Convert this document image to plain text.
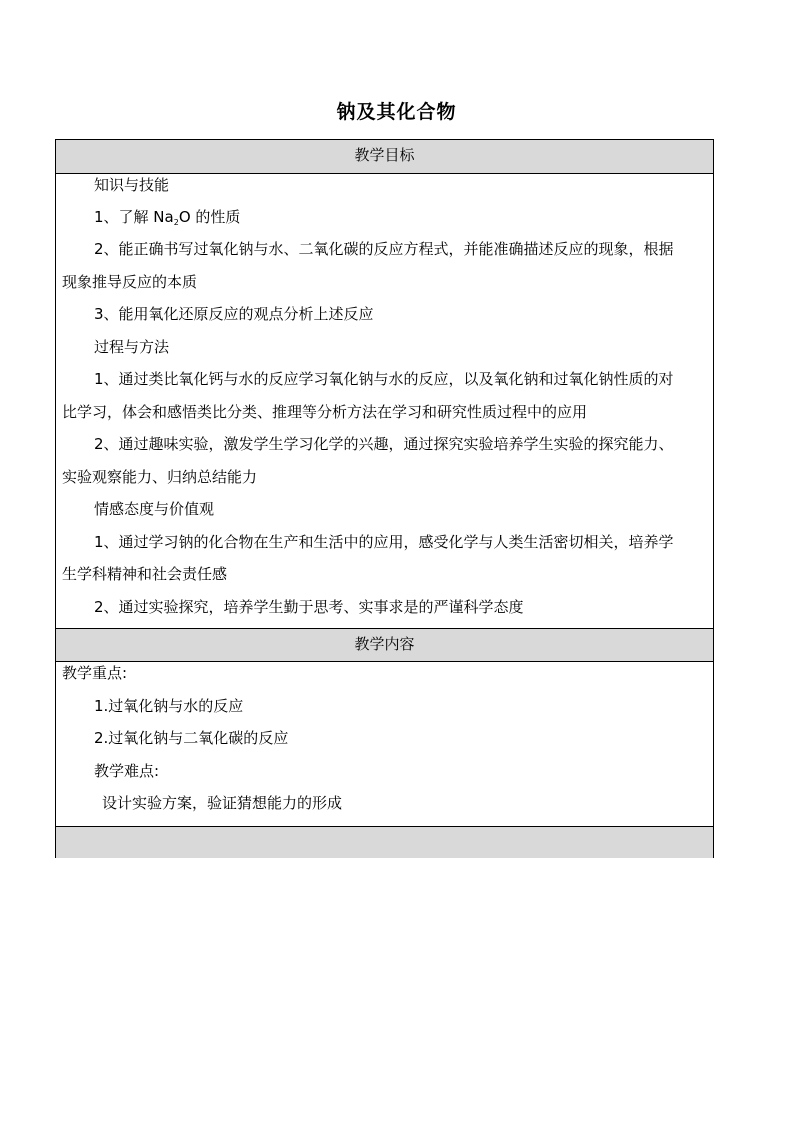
钠及其化合物
教学目标
知识与技能
1、了解 $Na_2O$ 的性质
2、能正确书写过氧化钠与水、二氧化碳的反应方程式，并能准确描述反应的现象，根据
现象推导反应的本质
3、能用氧化还原反应的观点分析上述反应
过程与方法
1、通过类比氧化钙与水的反应学习氧化钠与水的反应，以及氧化钠和过氧化钠性质的对
比学习，体会和感悟类比分类、推理等分析方法在学习和研究性质过程中的应用
2、通过趣味实验，激发学生学习化学的兴趣，通过探究实验培养学生实验的探究能力、
实验观察能力、归纳总结能力
情感态度与价值观
1、通过学习钠的化合物在生产和生活中的应用，感受化学与人类生活密切相关，培养学
生学科精神和社会责任感
2、通过实验探究，培养学生勤于思考、实事求是的严谨科学态度
教学内容
教学重点:
1.过氧化钠与水的反应
2.过氧化钠与二氧化碳的反应
教学难点:
设计实验方案，验证猜想能力的形成
